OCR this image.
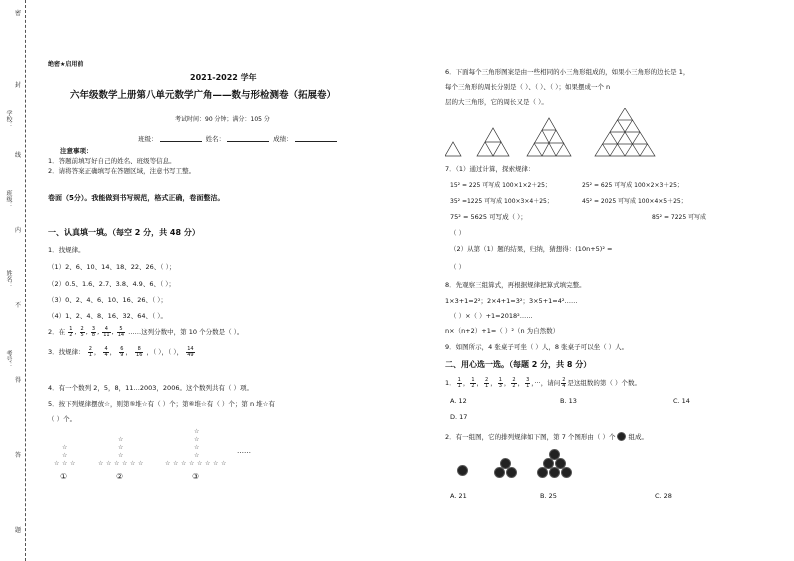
密
封
线
内
不
得
答
题
学校：
班级：
姓名：
考号：
绝密★启用前
2021-2022 学年
六年级数学上册第八单元数学广角——数与形检测卷（拓展卷）
考试时间：90 分钟；满分：105 分
班级：	姓名：	成绩：
注意事项：
1．答题前填写好自己的姓名、班级等信息。
2．请将答案正确填写在答题区域，注意书写工整。
卷面（5分）。我能做到书写规范，格式正确，卷面整洁。
一、认真填一填。（每空 2 分，共 48 分）
1．找规律。
（1）2、6、10、14、18、22、26、（ ）；
（2）0.5、1.6、2.7、3.8、4.9、6、（ ）；
（3）0、2、4、6、10、16、26、（ ）；
（4）1、2、4、8、16、32、64、（ ）。
2．在 $\frac{1}{2}$ , $\frac{2}{5}$ , $\frac{3}{8}$ , $\frac{4}{11}$ , $\frac{5}{14}$ ……这列分数中，第 10 个分数是（ ）。
3．找规律： $\frac{2}{1}$ ， $\frac{4}{4}$ ， $\frac{6}{9}$ ， $\frac{8}{16}$ ，（ ），（ ）， $\frac{14}{49}$
4．有一个数列 2，5，8，11…2003，2006。这个数列共有（ ）项。
5．按下列规律摆放☆，则第⑤堆☆有（ ）个；第⑥堆☆有（ ）个；第 n 堆☆有
（ ）个。
☆
☆
☆ ☆ ☆
①
☆
☆
☆
☆ ☆ ☆ ☆ ☆ ☆
②
☆
☆
☆
☆
☆ ☆ ☆ ☆ ☆ ☆ ☆ ☆
③
……
6．下面每个三角形图案是由一些相同的小三角形组成的，如果小三角形的边长是 1，
每个三角形的周长分别是（ ）、（ ）、（ ）；如果摆成一个 n
层的大三角形，它的周长又是（ ）。
7．（1）通过计算，探索规律：
15² = 225 可写成 100×1×2＋25；	25² = 625 可写成 100×2×3＋25；
35² =1225 可写成 100×3×4＋25；	45² = 2025 可写成 100×4×5＋25；
75² = 5625 可写成（ ）；	85² = 7225 可写成
（ ）
（2）从第（1）题的结果，归纳，猜想得：(10n+5)² =
（ ）
8．先观察三组算式，再根据规律把算式填完整。
1×3+1=2²；2×4+1=3²；3×5+1=4²……
（ ）×（ ）+1=2018²……
n×（n+2）+1=（ ）²（n 为自然数）
9．如图所示，4 张桌子可坐（ ）人，8 张桌子可以坐（ ）人。
二、用心选一选。（每题 2 分，共 8 分）
1． $\frac{1}{1}$ ， $\frac{1}{2}$ ， $\frac{2}{1}$ ， $\frac{1}{3}$ ， $\frac{2}{2}$ ， $\frac{3}{1}$ ，···，请问 $\frac{2}{4}$ 是这组数的第（ ）个数。
A. 12	B. 13	C. 14
D. 17
2．有一组图，它的排列规律如下图，第 7 个图形由（ ）个 组成。
A. 21	B. 25	C. 28
